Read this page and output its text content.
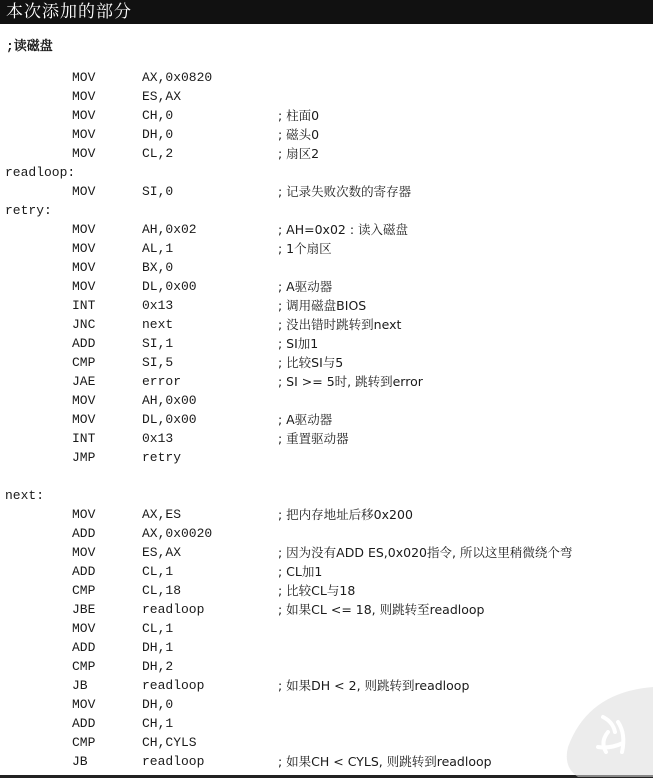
本次添加的部分
;读磁盘
MOV	AX,0x0820
MOV	ES,AX
MOV	CH,0	; 柱面0
MOV	DH,0	; 磁头0
MOV	CL,2	; 扇区2
readloop:
MOV	SI,0	; 记录失败次数的寄存器
retry:
MOV	AH,0x02	; AH=0x02 : 读入磁盘
MOV	AL,1	; 1个扇区
MOV	BX,0
MOV	DL,0x00	; A驱动器
INT	0x13	; 调用磁盘BIOS
JNC	next	; 没出错时跳转到next
ADD	SI,1	; SI加1
CMP	SI,5	; 比较SI与5
JAE	error	; SI >= 5时, 跳转到error
MOV	AH,0x00
MOV	DL,0x00	; A驱动器
INT	0x13	; 重置驱动器
JMP	retry
next:
MOV	AX,ES	; 把内存地址后移0x200
ADD	AX,0x0020
MOV	ES,AX	; 因为没有ADD ES,0x020指令, 所以这里稍微绕个弯
ADD	CL,1	; CL加1
CMP	CL,18	; 比较CL与18
JBE	readloop	; 如果CL <= 18, 则跳转至readloop
MOV	CL,1
ADD	DH,1
CMP	DH,2
JB	readloop	; 如果DH < 2, 则跳转到readloop
MOV	DH,0
ADD	CH,1
CMP	CH,CYLS
JB	readloop	; 如果CH < CYLS, 则跳转到readloop
